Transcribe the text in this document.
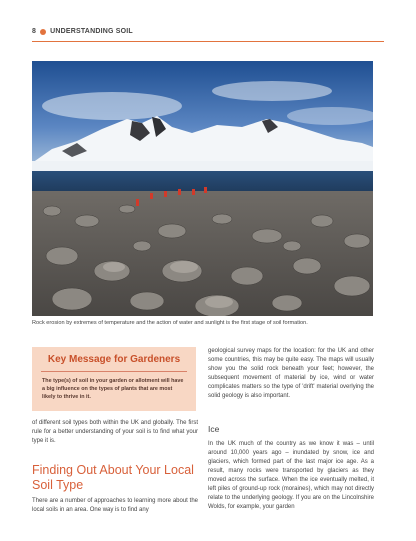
8 UNDERSTANDING SOIL
Rock erosion by extremes of temperature and the action of water and sunlight is the first stage of soil formation.
Key Message for Gardeners
The type(s) of soil in your garden or allotment will have a big influence on the types of plants that are most likely to thrive in it.
of different soil types both within the UK and globally. The first rule for a better understanding of your soil is to find what your type it is.
Finding Out About Your Local Soil Type
There are a number of approaches to learning more about the local soils in an area. One way is to find any
geological survey maps for the location: for the UK and other some countries, this may be quite easy. The maps will usually show you the solid rock beneath your feet; however, the subsequent movement of material by ice, wind or water complicates matters so the type of 'drift' material overlying the solid geology is also important.
Ice
In the UK much of the country as we know it was – until around 10,000 years ago – inundated by snow, ice and glaciers, which formed part of the last major ice age. As a result, many rocks were transported by glaciers as they moved across the surface. When the ice eventually melted, it left piles of ground-up rock (moraines), which may not directly relate to the underlying geology. If you are on the Lincolnshire Wolds, for example, your garden
